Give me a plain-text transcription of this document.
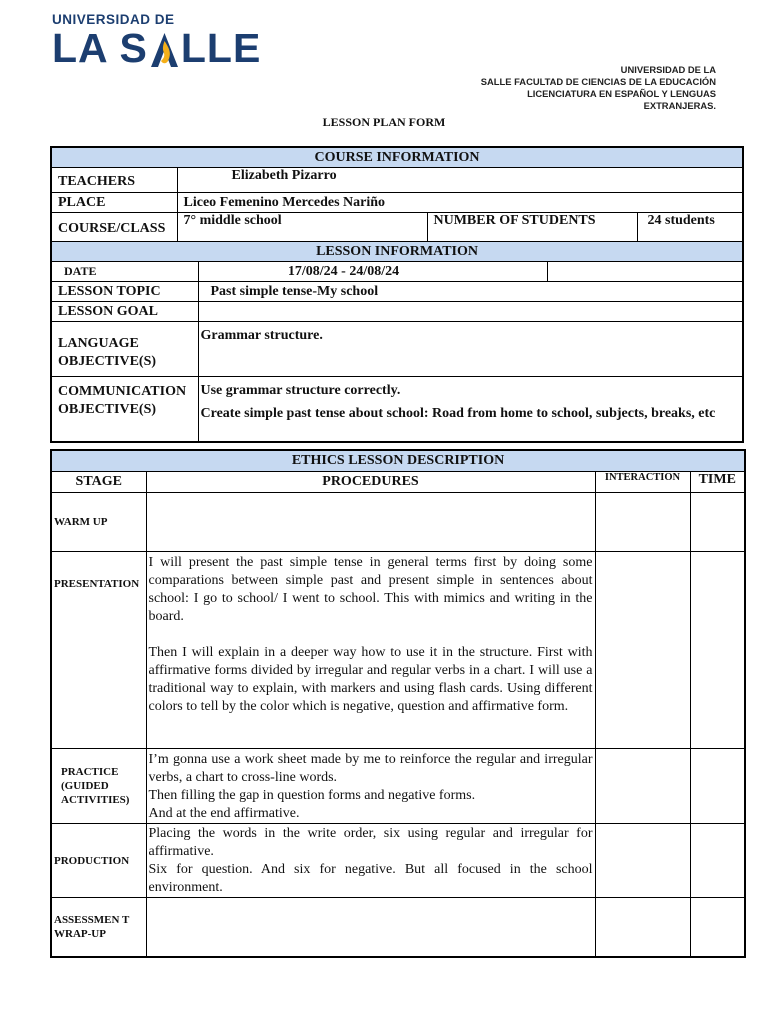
UNIVERSIDAD DE
LA S LLE	UNIVERSIDAD DE LA
SALLE FACULTAD DE CIENCIAS DE LA EDUCACIÓN
LICENCIATURA EN ESPAÑOL Y LENGUAS
EXTRANJERAS.
LESSON PLAN FORM
COURSE INFORMATION					
TEACHERS	Elizabeth Pizarro				
PLACE	Liceo Femenino Mercedes Nariño				
COURSE/CLASS	7° middle school		NUMBER OF STUDENTS		24 students
LESSON INFORMATION					
DATE		17/08/24 - 24/08/24			
LESSON TOPIC		Past simple tense-My school			
LESSON GOAL					
LANGUAGE OBJECTIVE(S)		Grammar structure.			
COMMUNICATION OBJECTIVE(S)		Use grammar structure correctly.
Create simple past tense about school: Road from home to school, subjects, breaks, etc			
ETHICS LESSON DESCRIPTION			
STAGE	PROCEDURES	INTERACTION	TIME
WARM UP			
PRESENTATION	I will present the past simple tense in general terms first by doing some comparations between simple past and present simple in sentences about school: I go to school/ I went to school. This with mimics and writing in the board.

Then I will explain in a deeper way how to use it in the structure. First with affirmative forms divided by irregular and regular verbs in a chart. I will use a traditional way to explain, with markers and using flash cards. Using different colors to tell by the color which is negative, question and affirmative form.		

PRACTICE (GUIDED ACTIVITIES)	I’m gonna use a work sheet made by me to reinforce the regular and irregular verbs, a chart to cross-line words.

Then filling the gap in question forms and negative forms.

And at the end affirmative.		

PRODUCTION	Placing the words in the write order, six using regular and irregular for affirmative.

Six for question. And six for negative. But all focused in the school environment.		

ASSESSMEN T WRAP-UP			
